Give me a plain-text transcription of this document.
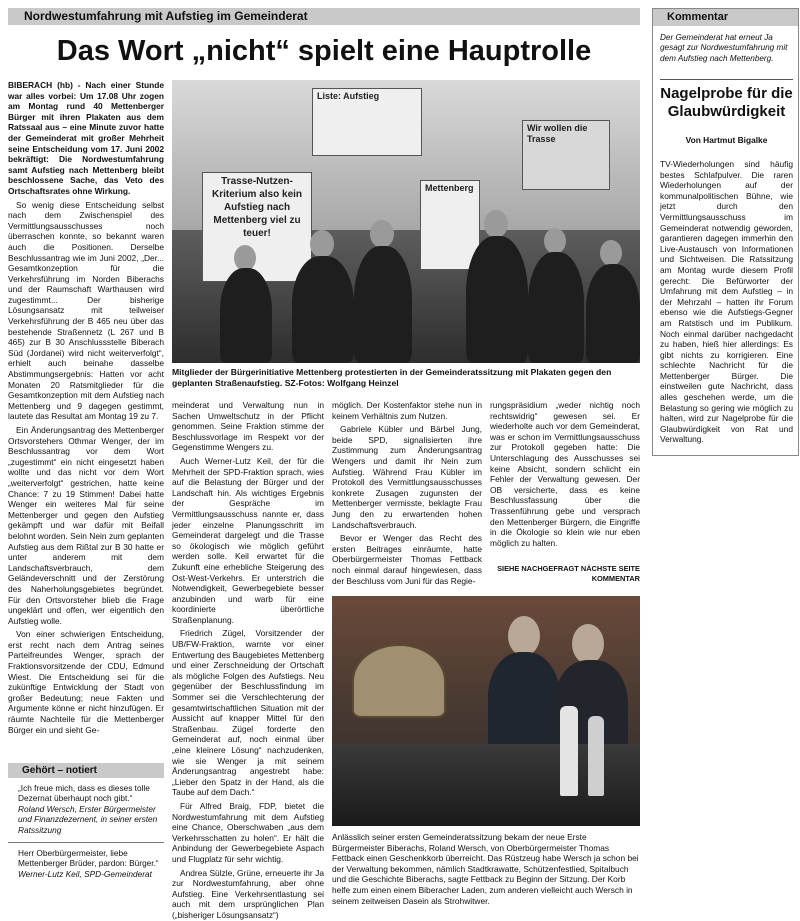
Nordwestumfahrung mit Aufstieg im Gemeinderat
Das Wort „nicht“ spielt eine Hauptrolle

BIBERACH (hb) - Nach einer Stunde war alles vorbei: Um 17.08 Uhr zogen am Montag rund 40 Mettenberger Bürger mit ihren Plakaten aus dem Ratssaal aus – eine Minute zuvor hatte der Gemeinderat mit großer Mehrheit seine Entscheidung vom 17. Juni 2002 bekräftigt: Die Nordwestumfahrung samt Aufstieg nach Mettenberg bleibt beschlossene Sache, das Veto des Ortschaftsrates ohne Wirkung.

So wenig diese Entscheidung selbst nach dem Zwischenspiel des Vermittlungsausschusses noch überraschen konnte, so bekannt waren auch die Positionen. Derselbe Beschlussantrag wie im Juni 2002, „Der... Gesamtkonzeption für die Verkehrsführung im Norden Biberachs und der Raumschaft Warthausen wird zugestimmt... Der bisherige Lösungsansatz mit teilweiser Verkehrsführung der B 465 neu über das bestehende Straßennetz (L 267 und B 465) zur B 30 Anschlussstelle Biberach Süd (Jordanei) wird nicht weiterverfolgt“, erhielt auch beinahe dasselbe Abstimmungsergebnis: Hatten vor acht Monaten 20 Ratsmitglieder für die Gesamtkonzeption mit dem Aufstieg nach Mettenberg und 9 dagegen gestimmt, lautete das Resultat am Montag 19 zu 7.

Ein Änderungsantrag des Mettenberger Ortsvorstehers Othmar Wenger, der im Beschlussantrag vor dem Wort „zugestimmt“ ein nicht eingesetzt haben wollte und das nicht vor dem Wort „weiterverfolgt“ gestrichen, hatte keine Chance: 7 zu 19 Stimmen! Dabei hatte Wenger ein weiteres Mal für seine Mettenberger und gegen den Aufstieg gekämpft und war dafür mit Beifall belohnt worden. Sein Nein zum geplanten Aufstieg aus dem Rißtal zur B 30 hatte er unter anderem mit dem Landschaftsverbrauch, dem Geländeverschnitt und der Zerstörung des Naherholungsgebietes begründet. Für den Ortsvorsteher blieb die Frage ungeklärt und offen, wer eigentlich den Aufstieg wolle.

Von einer schwierigen Entscheidung, erst recht nach dem Antrag seines Parteifreundes Wenger, sprach der Fraktionsvorsitzende der CDU, Edmund Wiest. Die Entscheidung sei für die zukünftige Entwicklung der Stadt von großer Bedeutung; neue Fakten und Argumente könne er nicht hinzufügen. Er räumte Nachteile für die Mettenberger Bürger ein und sieht Ge-

Liste: Aufstieg
Trasse-Nutzen-Kriterium also kein Aufstieg nach Mettenberg viel zu teuer!
Mettenberg
Wir wollen die Trasse
Mitglieder der Bürgerinitiative Mettenberg protestierten in der Gemeinderatssitzung mit Plakaten gegen den geplanten Straßenaufstieg. SZ-Fotos: Wolfgang Heinzel

meinderat und Verwaltung nun in Sachen Umweltschutz in der Pflicht genommen. Seine Fraktion stimme der Beschlussvorlage im Respekt vor der Gegenstimme Wengers zu.

Auch Werner-Lutz Keil, der für die Mehrheit der SPD-Fraktion sprach, wies auf die Belastung der Bürger und der Landschaft hin. Als wichtiges Ergebnis der Gespräche im Vermittlungsausschuss nannte er, dass jeder einzelne Planungsschritt im Gemeinderat dargelegt und die Trasse so ökologisch wie möglich geführt werden solle. Keil erwartet für die Zukunft eine erhebliche Steigerung des Ost-West-Verkehrs. Er unterstrich die Notwendigkeit, Gewerbegebiete besser anzubinden und warb für eine koordinierte überörtliche Straßenplanung.

Friedrich Zügel, Vorsitzender der UB/FW-Fraktion, warnte vor einer Entwertung des Baugebietes Mettenberg und einer Zerschneidung der Ortschaft als mögliche Folgen des Aufstiegs. Neu gegenüber der Beschlussfindung im Sommer sei die Verschlechterung der gesamtwirtschaftlichen Situation mit der Aussicht auf knapper Mittel für den Straßenbau. Zügel forderte den Gemeinderat auf, noch einmal über „eine kleinere Lösung“ nachzudenken, wie sie Wenger ja mit seinem Änderungsantrag angestrebt habe: „Lieber den Spatz in der Hand, als die Taube auf dem Dach.“

Für Alfred Braig, FDP, bietet die Nordwestumfahrung mit dem Aufstieg eine Chance, Oberschwaben „aus dem Verkehrsschatten zu holen“. Er hält die Anbindung der Gewerbegebiete Aspach und Flugplatz für sehr wichtig.

Andrea Sülzle, Grüne, erneuerte ihr Ja zur Nordwestumfahrung, aber ohne Aufstieg. Eine Verkehrsentlastung sei auch mit dem ursprünglichen Plan („bisheriger Lösungsansatz“)

möglich. Der Kostenfaktor stehe nun in keinem Verhältnis zum Nutzen.

Gabriele Kübler und Bärbel Jung, beide SPD, signalisierten ihre Zustimmung zum Änderungsantrag Wengers und damit ihr Nein zum Aufstieg. Während Frau Kübler im Protokoll des Vermittlungsausschusses konkrete Zusagen zugunsten der Mettenberger vermisste, beklagte Frau Jung den zu erwartenden hohen Landschaftsverbrauch.

Bevor er Wenger das Recht des ersten Beitrages einräumte, hatte Oberbürgermeister Thomas Fettback noch einmal darauf hingewiesen, dass der Beschluss vom Juni für das Regie-

rungspräsidium „weder nichtig noch rechtswidrig“ gewesen sei. Er wiederholte auch vor dem Gemeinderat, was er schon im Vermittlungsausschuss zur Protokoll gegeben hatte: Die Unterschlagung des Ausschusses sei keine Absicht, sondern schlicht ein Fehler der Verwaltung gewesen. Der OB versicherte, dass es keine Beschlussfassung über die Trassenführung gebe und versprach den Mettenberger Bürgern, die Eingriffe in die Ökologie so klein wie nur eben möglich zu halten.

SIEHE NACHGEFRAGT NÄCHSTE SEITE KOMMENTAR
Anlässlich seiner ersten Gemeinderatssitzung bekam der neue Erste Bürgermeister Biberachs, Roland Wersch, von Oberbürgermeister Thomas Fettback einen Geschenkkorb überreicht. Das Rüstzeug habe Wersch ja schon bei der Verwaltung bekommen, nämlich Stadtkrawatte, Schützenfestlied, Spitalbuch und die Geschichte Biberachs, sagte Fettback zu Beginn der Sitzung. Der Korb helfe zum einen einem Biberacher Laden, zum anderen vielleicht auch Wersch in seinem zeitweisen Dasein als Strohwitwer.
Gehört – notiert
„Ich freue mich, dass es dieses tolle Dezernat überhaupt noch gibt.“
Roland Wersch, Erster Bürgermeister und Finanzdezernent, in seiner ersten Ratssitzung
Herr Oberbürgermeister, liebe Mettenberger Brüder, pardon: Bürger.“
Werner-Lutz Keil, SPD-Gemeinderat
Kommentar
Der Gemeinderat hat erneut Ja gesagt zur Nordwestumfahrung mit dem Aufstieg nach Mettenberg.
Nagelprobe für die Glaubwürdigkeit
Von Hartmut Bigalke
TV-Wiederholungen sind häufig bestes Schlafpulver. Die raren Wiederholungen auf der kommunalpolitischen Bühne, wie jetzt durch den Vermittlungsausschuss im Gemeinderat notwendig geworden, garantieren dagegen immerhin den Live-Austausch von Informationen und Sichtweisen. Die Ratssitzung am Montag wurde diesem Profil gerecht: Die Befürworter der Umfahrung mit dem Aufstieg – in der Mehrzahl – hatten ihr Forum ebenso wie die Aufstiegs-Gegner am Ratstisch und im Publikum. Noch einmal darüber nachgedacht zu haben, hieß hier allerdings: Es gibt nichts zu korrigieren. Eine schlechte Nachricht für die Mettenberger Bürger. Die einstweilen gute Nachricht, dass alles geschehen werde, um die Belastung so gering wie möglich zu halten, wird zur Nagelprobe für die Glaubwürdigkeit von Rat und Verwaltung.
